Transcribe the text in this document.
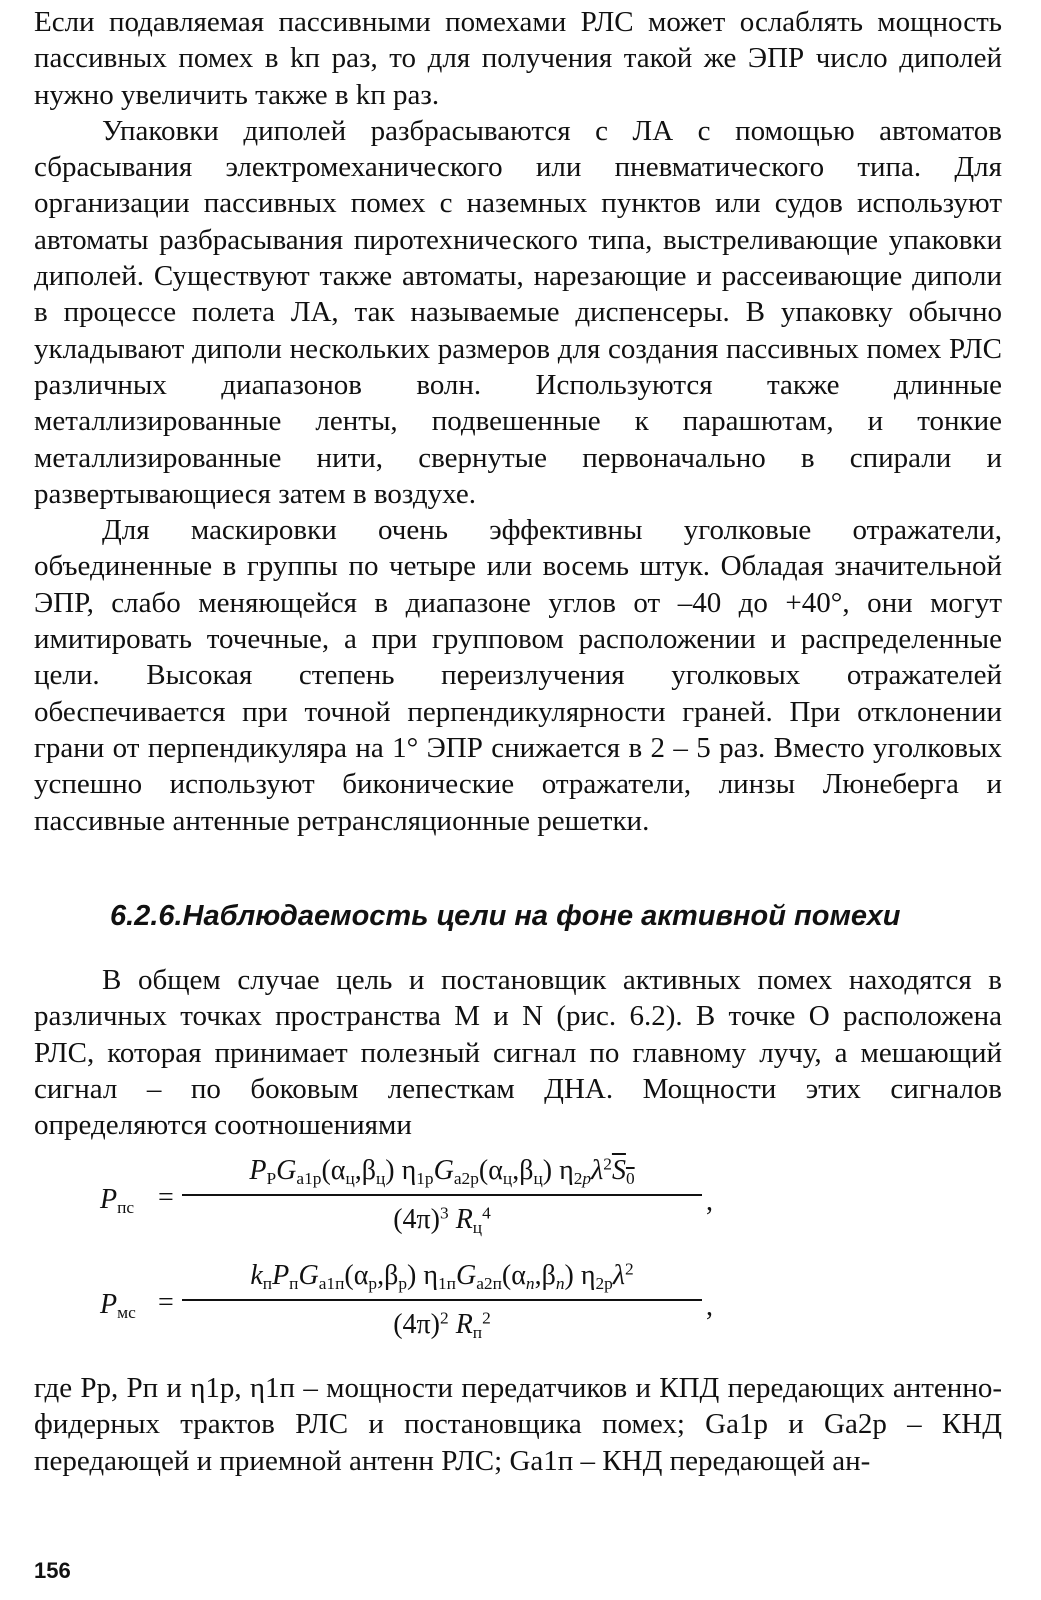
Если подавляемая пассивными помехами РЛС может ослаблять мощность пассивных помех в kп раз, то для получения такой же ЭПР число диполей нужно увеличить также в kп раз.

Упаковки диполей разбрасываются с ЛА с помощью автоматов сбрасывания электромеханического или пневматического типа. Для организации пассивных помех с наземных пунктов или судов используют автоматы разбрасывания пиротехнического типа, выстреливающие упаковки диполей. Существуют также автоматы, нарезающие и рассеивающие диполи в процессе полета ЛА, так называемые диспенсеры. В упаковку обычно укладывают диполи нескольких размеров для создания пассивных помех РЛС различных диапазонов волн. Используются также длинные металлизированные ленты, подвешенные к парашютам, и тонкие металлизированные нити, свернутые первоначально в спирали и развертывающиеся затем в воздухе.

Для маскировки очень эффективны уголковые отражатели, объединенные в группы по четыре или восемь штук. Обладая значительной ЭПР, слабо меняющейся в диапазоне углов от –40 до +40°, они могут имитировать точечные, а при групповом расположении и распределенные цели. Высокая степень переизлучения уголковых отражателей обеспечивается при точной перпендикулярности граней. При отклонении грани от перпендикуляра на 1° ЭПР снижается в 2 – 5 раз. Вместо уголковых успешно используют биконические отражатели, линзы Люнеберга и пассивные антенные ретрансляционные решетки.

6.2.6.Наблюдаемость цели на фоне активной помехи

В общем случае цель и постановщик активных помех находятся в различных точках пространства M и N (рис. 6.2). В точке O расположена РЛС, которая принимает полезный сигнал по главному лучу, а мешающий сигнал – по боковым лепесткам ДНА. Мощности этих сигналов определяются соотношениями

$P_{пс}$ =
$P_РG_{а1р}(\alpha_ц,\beta_ц)$ $\eta_{1р}G_{а2р}(\alpha_ц,\beta_ц)$ $\eta_{2р}\lambda^2S_0$
$(4\pi)^3$ $R_ц^4$	,
$P_{мс}$ =
$k_пP_пG_{а1п}(\alpha_р,\beta_р)$ $\eta_{1п}G_{а2п}(\alpha_п,\beta_п)$ $\eta_{2р}\lambda^2$
$(4\pi)^2$ $R_п^2$	,

где Pр, Pп и η1р, η1п – мощности передатчиков и КПД передающих антенно-фидерных трактов РЛС и постановщика помех; Ga1р и Ga2р – КНД передающей и приемной антенн РЛС; Ga1п – КНД передающей ан-

156
